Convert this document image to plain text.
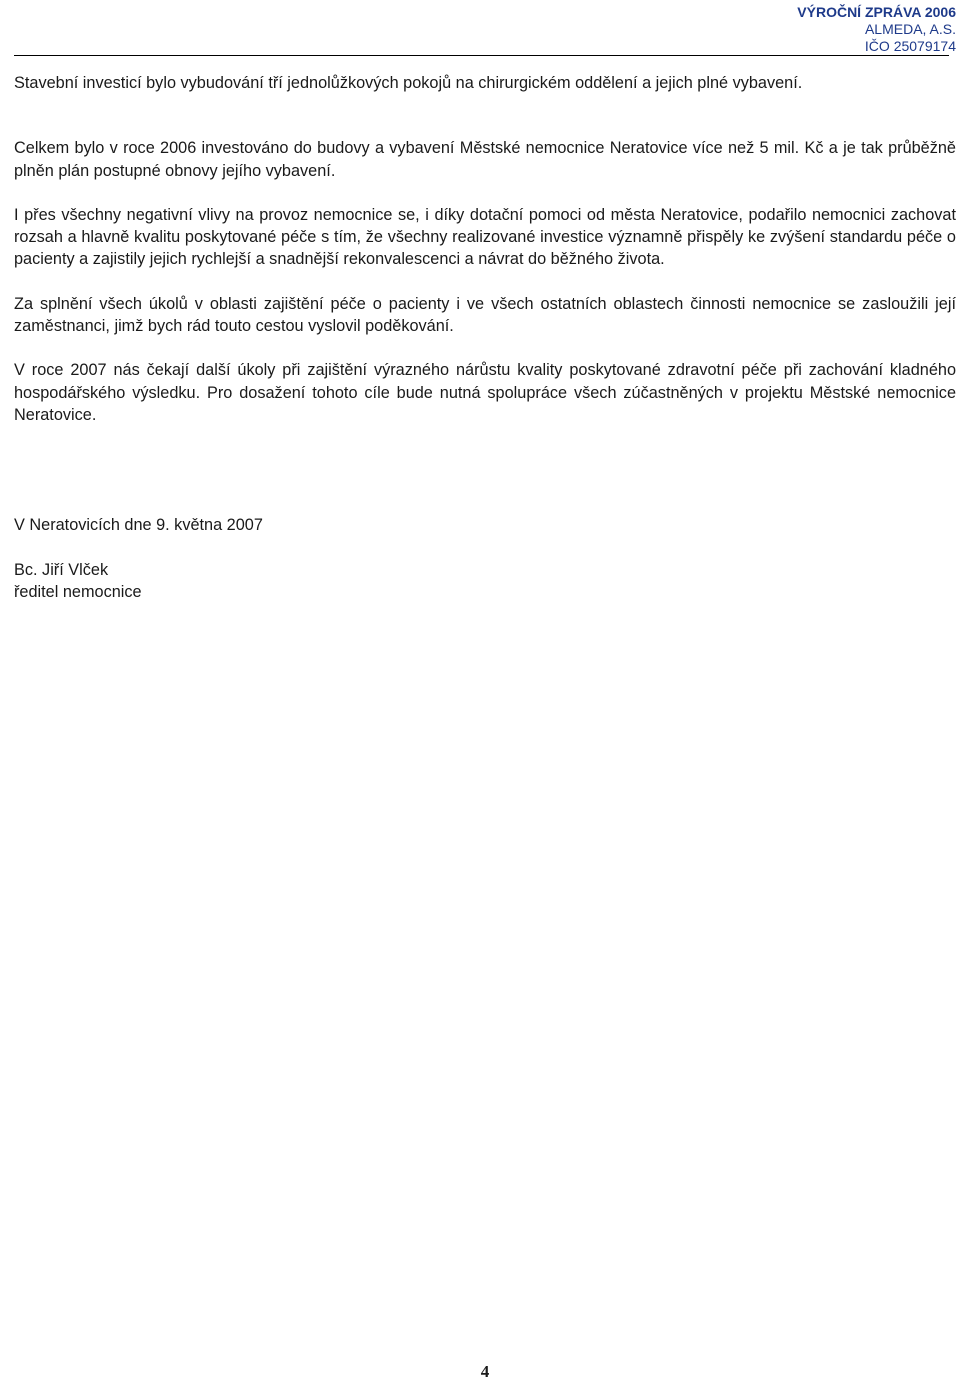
VÝROČNÍ ZPRÁVA 2006
ALMEDA, A.S.
IČO 25079174

Stavební investicí bylo vybudování tří jednolůžkových pokojů na chirurgickém oddělení a jejich plné vybavení.

Celkem bylo v roce 2006 investováno do budovy a vybavení Městské nemocnice Neratovice více než 5 mil. Kč a je tak průběžně plněn plán postupné obnovy jejího vybavení.

I přes všechny negativní vlivy na provoz nemocnice se, i díky dotační pomoci od města Neratovice, podařilo nemocnici zachovat rozsah a hlavně kvalitu poskytované péče s tím, že všechny realizované investice významně přispěly ke zvýšení standardu péče o pacienty a zajistily jejich rychlejší a snadnější rekonvalescenci a návrat do běžného života.

Za splnění všech úkolů v oblasti zajištění péče o pacienty i ve všech ostatních oblastech činnosti nemocnice se zasloužili její zaměstnanci, jimž bych rád touto cestou vyslovil poděkování.

V roce 2007 nás čekají další úkoly při zajištění výrazného nárůstu kvality poskytované zdravotní péče při zachování kladného hospodářského výsledku. Pro dosažení tohoto cíle bude nutná spolupráce všech zúčastněných v projektu Městské nemocnice Neratovice.

V Neratovicích dne 9. května 2007

Bc. Jiří Vlček

ředitel nemocnice

4
